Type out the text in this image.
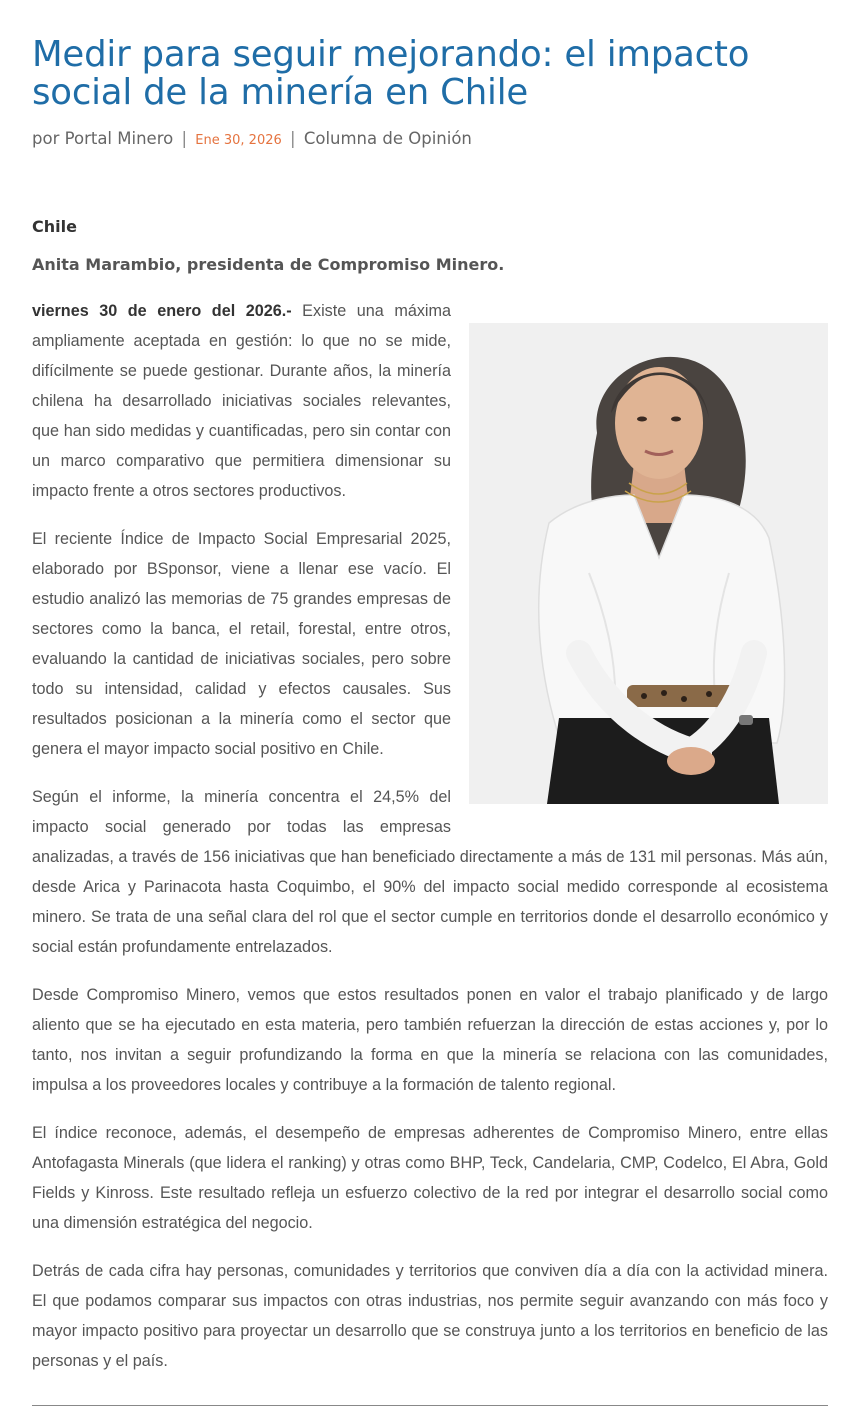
Medir para seguir mejorando: el impacto social de la minería en Chile
por Portal Minero | Ene 30, 2026 | Columna de Opinión
Chile
Anita Marambio, presidenta de Compromiso Minero.

viernes 30 de enero del 2026.- Existe una máxima ampliamente aceptada en gestión: lo que no se mide, difícilmente se puede gestionar. Durante años, la minería chilena ha desarrollado iniciativas sociales relevantes, que han sido medidas y cuantificadas, pero sin contar con un marco comparativo que permitiera dimensionar su impacto frente a otros sectores productivos.

El reciente Índice de Impacto Social Empresarial 2025, elaborado por BSponsor, viene a llenar ese vacío. El estudio analizó las memorias de 75 grandes empresas de sectores como la banca, el retail, forestal, entre otros, evaluando la cantidad de iniciativas sociales, pero sobre todo su intensidad, calidad y efectos causales. Sus resultados posicionan a la minería como el sector que genera el mayor impacto social positivo en Chile.

Según el informe, la minería concentra el 24,5% del impacto social generado por todas las empresas analizadas, a través de 156 iniciativas que han beneficiado directamente a más de 131 mil personas. Más aún, desde Arica y Parinacota hasta Coquimbo, el 90% del impacto social medido corresponde al ecosistema minero. Se trata de una señal clara del rol que el sector cumple en territorios donde el desarrollo económico y social están profundamente entrelazados.

Desde Compromiso Minero, vemos que estos resultados ponen en valor el trabajo planificado y de largo aliento que se ha ejecutado en esta materia, pero también refuerzan la dirección de estas acciones y, por lo tanto, nos invitan a seguir profundizando la forma en que la minería se relaciona con las comunidades, impulsa a los proveedores locales y contribuye a la formación de talento regional.

El índice reconoce, además, el desempeño de empresas adherentes de Compromiso Minero, entre ellas Antofagasta Minerals (que lidera el ranking) y otras como BHP, Teck, Candelaria, CMP, Codelco, El Abra, Gold Fields y Kinross. Este resultado refleja un esfuerzo colectivo de la red por integrar el desarrollo social como una dimensión estratégica del negocio.

Detrás de cada cifra hay personas, comunidades y territorios que conviven día a día con la actividad minera. El que podamos comparar sus impactos con otras industrias, nos permite seguir avanzando con más foco y mayor impacto positivo para proyectar un desarrollo que se construya junto a los territorios en beneficio de las personas y el país.
